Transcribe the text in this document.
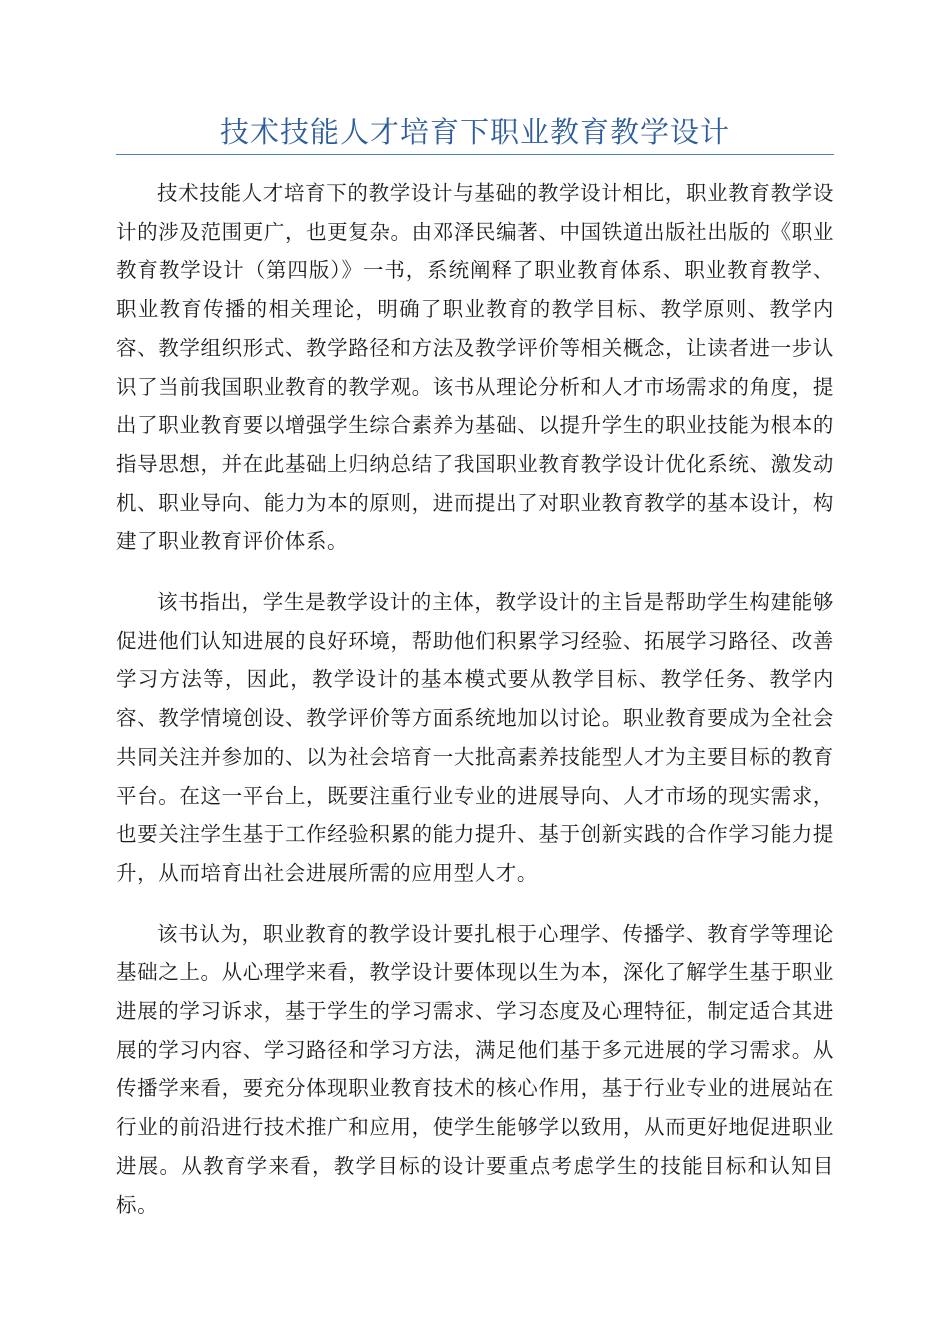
技术技能人才培育下职业教育教学设计

技术技能人才培育下的教学设计与基础的教学设计相比，职业教育教学设计的涉及范围更广，也更复杂。由邓泽民编著、中国铁道出版社出版的《职业教育教学设计（第四版）》一书，系统阐释了职业教育体系、职业教育教学、职业教育传播的相关理论，明确了职业教育的教学目标、教学原则、教学内容、教学组织形式、教学路径和方法及教学评价等相关概念，让读者进一步认识了当前我国职业教育的教学观。该书从理论分析和人才市场需求的角度，提出了职业教育要以增强学生综合素养为基础、以提升学生的职业技能为根本的指导思想，并在此基础上归纳总结了我国职业教育教学设计优化系统、激发动机、职业导向、能力为本的原则，进而提出了对职业教育教学的基本设计，构建了职业教育评价体系。

该书指出，学生是教学设计的主体，教学设计的主旨是帮助学生构建能够促进他们认知进展的良好环境，帮助他们积累学习经验、拓展学习路径、改善学习方法等，因此，教学设计的基本模式要从教学目标、教学任务、教学内容、教学情境创设、教学评价等方面系统地加以讨论。职业教育要成为全社会共同关注并参加的、以为社会培育一大批高素养技能型人才为主要目标的教育平台。在这一平台上，既要注重行业专业的进展导向、人才市场的现实需求，也要关注学生基于工作经验积累的能力提升、基于创新实践的合作学习能力提升，从而培育出社会进展所需的应用型人才。

该书认为，职业教育的教学设计要扎根于心理学、传播学、教育学等理论基础之上。从心理学来看，教学设计要体现以生为本，深化了解学生基于职业进展的学习诉求，基于学生的学习需求、学习态度及心理特征，制定适合其进展的学习内容、学习路径和学习方法，满足他们基于多元进展的学习需求。从传播学来看，要充分体现职业教育技术的核心作用，基于行业专业的进展站在行业的前沿进行技术推广和应用，使学生能够学以致用，从而更好地促进职业进展。从教育学来看，教学目标的设计要重点考虑学生的技能目标和认知目标。
